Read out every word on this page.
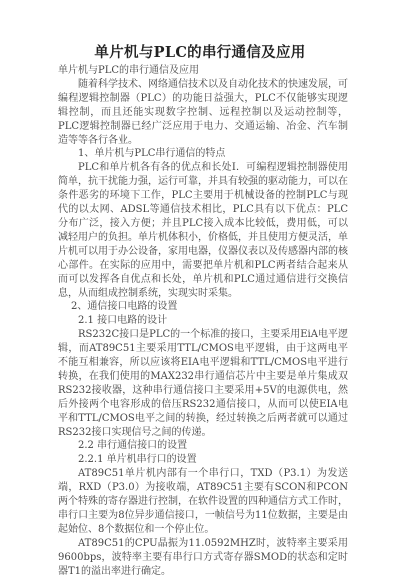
单片机与PLC的串行通信及应用

单片机与PLC的串行通信及应用

随着科学技术、网络通信技术以及自动化技术的快速发展，可编程逻辑控制器（PLC）的功能日益强大，PLC不仅能够实现逻辑控制，而且还能实现数字控制、远程控制以及运动控制等，PLC逻辑控制器已经广泛应用于电力、交通运输、冶金、汽车制造等等各行各业。

1、单片机与PLC串行通信的特点

PLC和单片机各有各的优点和长处Ⅰ．可编程逻辑控制器使用简单，抗干扰能力强，运行可靠，并具有较强的驱动能力，可以在条件恶劣的环境下工作，PLC主要用于机械设备的控制PLC与现代的以太网、ADSL等通信技术相比，PLC具有以下优点：PLC分布广泛，接入方便；并且PLC接入成本比较低，费用低，可以减轻用户的负担。单片机体积小，价格低，并且使用方便灵活，单片机可以用于办公设备，家用电器，仪器仪表以及传感器内部的核心部件。在实际的应用中，需要把单片机和PLC两者结合起来从而可以发挥各自优点和长处，单片机和PLC通过通信进行交换信息，从而组成控制系统，实现实时采集。

2、通信接口电路的设置

2.1 接口电路的设计

RS232C接口是PLC的一个标准的接口，主要采用EiA电平逻辑，而AT89C51主要采用TTL/CMOS电平逻辑，由于这两电平不能互相兼容，所以应该将EIA电平逻辑和TTL/CMOS电平进行转换，在我们使用的MAX232串行通信芯片中主要是单片集成双RS232接收器，这种串行通信接口主要采用+5V的电源供电，然后外接两个电容形成的倍压RS232通信接口，从而可以使EIA电平和TTL/CMOS电平之间的转换，经过转换之后两者就可以通过RS232接口实现信号之间的传递。

2.2 串行通信接口的设置

2.2.1 单片机串行口的设置

AT89C51单片机内部有一个串行口，TXD（P3.1）为发送端，RXD（P3.0）为接收端，AT89C51主要有SCON和PCON两个特殊的寄存器进行控制，在软件设置的四种通信方式工作时，串行口主要为8位异步通信接口，一帧信号为11位数据，主要是由起始位、8个数据位和一个停止位。

AT89C51的CPU晶振为11.0592MHZ时，波特率主要采用9600bps，波特率主要有串行口方式寄存器SMOD的状态和定时器T1的溢出率进行确定。
